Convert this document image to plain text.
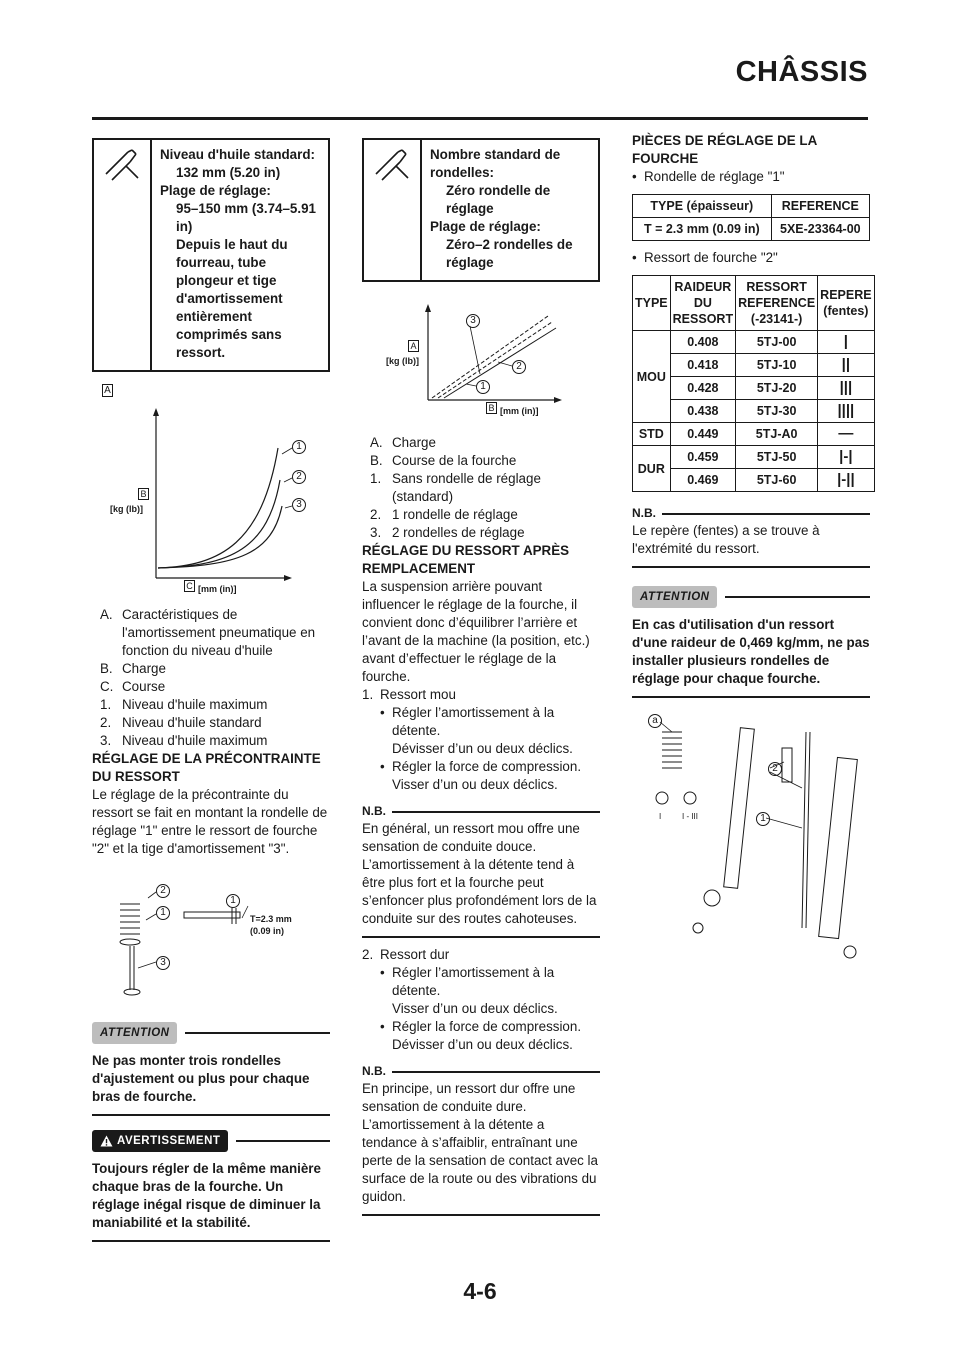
CHÂSSIS
Niveau d'huile standard:
132 mm (5.20 in)
Plage de réglage:
95–150 mm (3.74–5.91 in)
Depuis le haut du fourreau, tube plongeur et tige d'amortissement entièrement comprimés sans ressort.
A
B
[kg (lb)]
C [mm (in)]
1
2
3
A. Caractéristiques de l'amortissement pneumatique en fonction du niveau d'huile
B. Charge
C. Course
1. Niveau d'huile maximum
2. Niveau d'huile standard
3. Niveau d'huile maximum

RÉGLAGE DE LA PRÉCONTRAINTE DU RESSORT

Le réglage de la précontrainte du ressort se fait en montant la rondelle de réglage "1" entre le ressort de fourche "2" et la tige d'amortissement "3".

2
1
3
1
T=2.3 mm
(0.09 in)
ATTENTION

Ne pas monter trois rondelles d'ajustement ou plus pour chaque bras de fourche.

AVERTISSEMENT

Toujours régler de la même manière chaque bras de la fourche. Un réglage inégal risque de diminuer la maniabilité et la stabilité.

Nombre standard de rondelles:
Zéro rondelle de réglage
Plage de réglage:
Zéro–2 rondelles de réglage
A
[kg (lb)]
B [mm (in)]
3
2
1
A. Charge
B. Course de la fourche
1. Sans rondelle de réglage (standard)
2. 1 rondelle de réglage
3. 2 rondelles de réglage

RÉGLAGE DU RESSORT APRÈS REMPLACEMENT

La suspension arrière pouvant influencer le réglage de la fourche, il convient donc d’équilibrer l’arrière et l’avant de la machine (la position, etc.) avant d’effectuer le réglage de la fourche.

1. Ressort mou
• Régler l’amortissement à la détente.
Dévisser d’un ou deux déclics.
• Régler la force de compression.
Visser d’un ou deux déclics.
N.B.

En général, un ressort mou offre une sensation de conduite douce. L’amortissement à la détente tend à être plus fort et la fourche peut s’enfoncer plus profondément lors de la conduite sur des routes cahoteuses.

2. Ressort dur
• Régler l’amortissement à la détente.
Visser d’un ou deux déclics.
• Régler la force de compression.
Dévisser d’un ou deux déclics.
N.B.

En principe, un ressort dur offre une sensation de conduite dure. L’amortissement à la détente a tendance à s’affaiblir, entraînant une perte de la sensation de contact avec la surface de la route ou des vibrations du guidon.

PIÈCES DE RÉGLAGE DE LA FOURCHE

• Rondelle de réglage "1"
TYPE (épaisseur)	REFERENCE
T = 2.3 mm (0.09 in)	5XE-23364-00
• Ressort de fourche "2"
TYPE	RAIDEUR DU RESSORT	RESSORT REFERENCE (-23141-)	REPERE (fentes)
MOU	0.408	5TJ-00	|
	0.418	5TJ-10	||
	0.428	5TJ-20	|||
	0.438	5TJ-30	||||
STD	0.449	5TJ-A0	—
DUR	0.459	5TJ-50	|-|
	0.469	5TJ-60	|-||
N.B.

Le repère (fentes) a se trouve à l'extrémité du ressort.

ATTENTION

En cas d'utilisation d'un ressort d'une raideur de 0,469 kg/mm, ne pas installer plusieurs rondelles de réglage pour chaque fourche.

a
2
1
I	I - III
4-6
